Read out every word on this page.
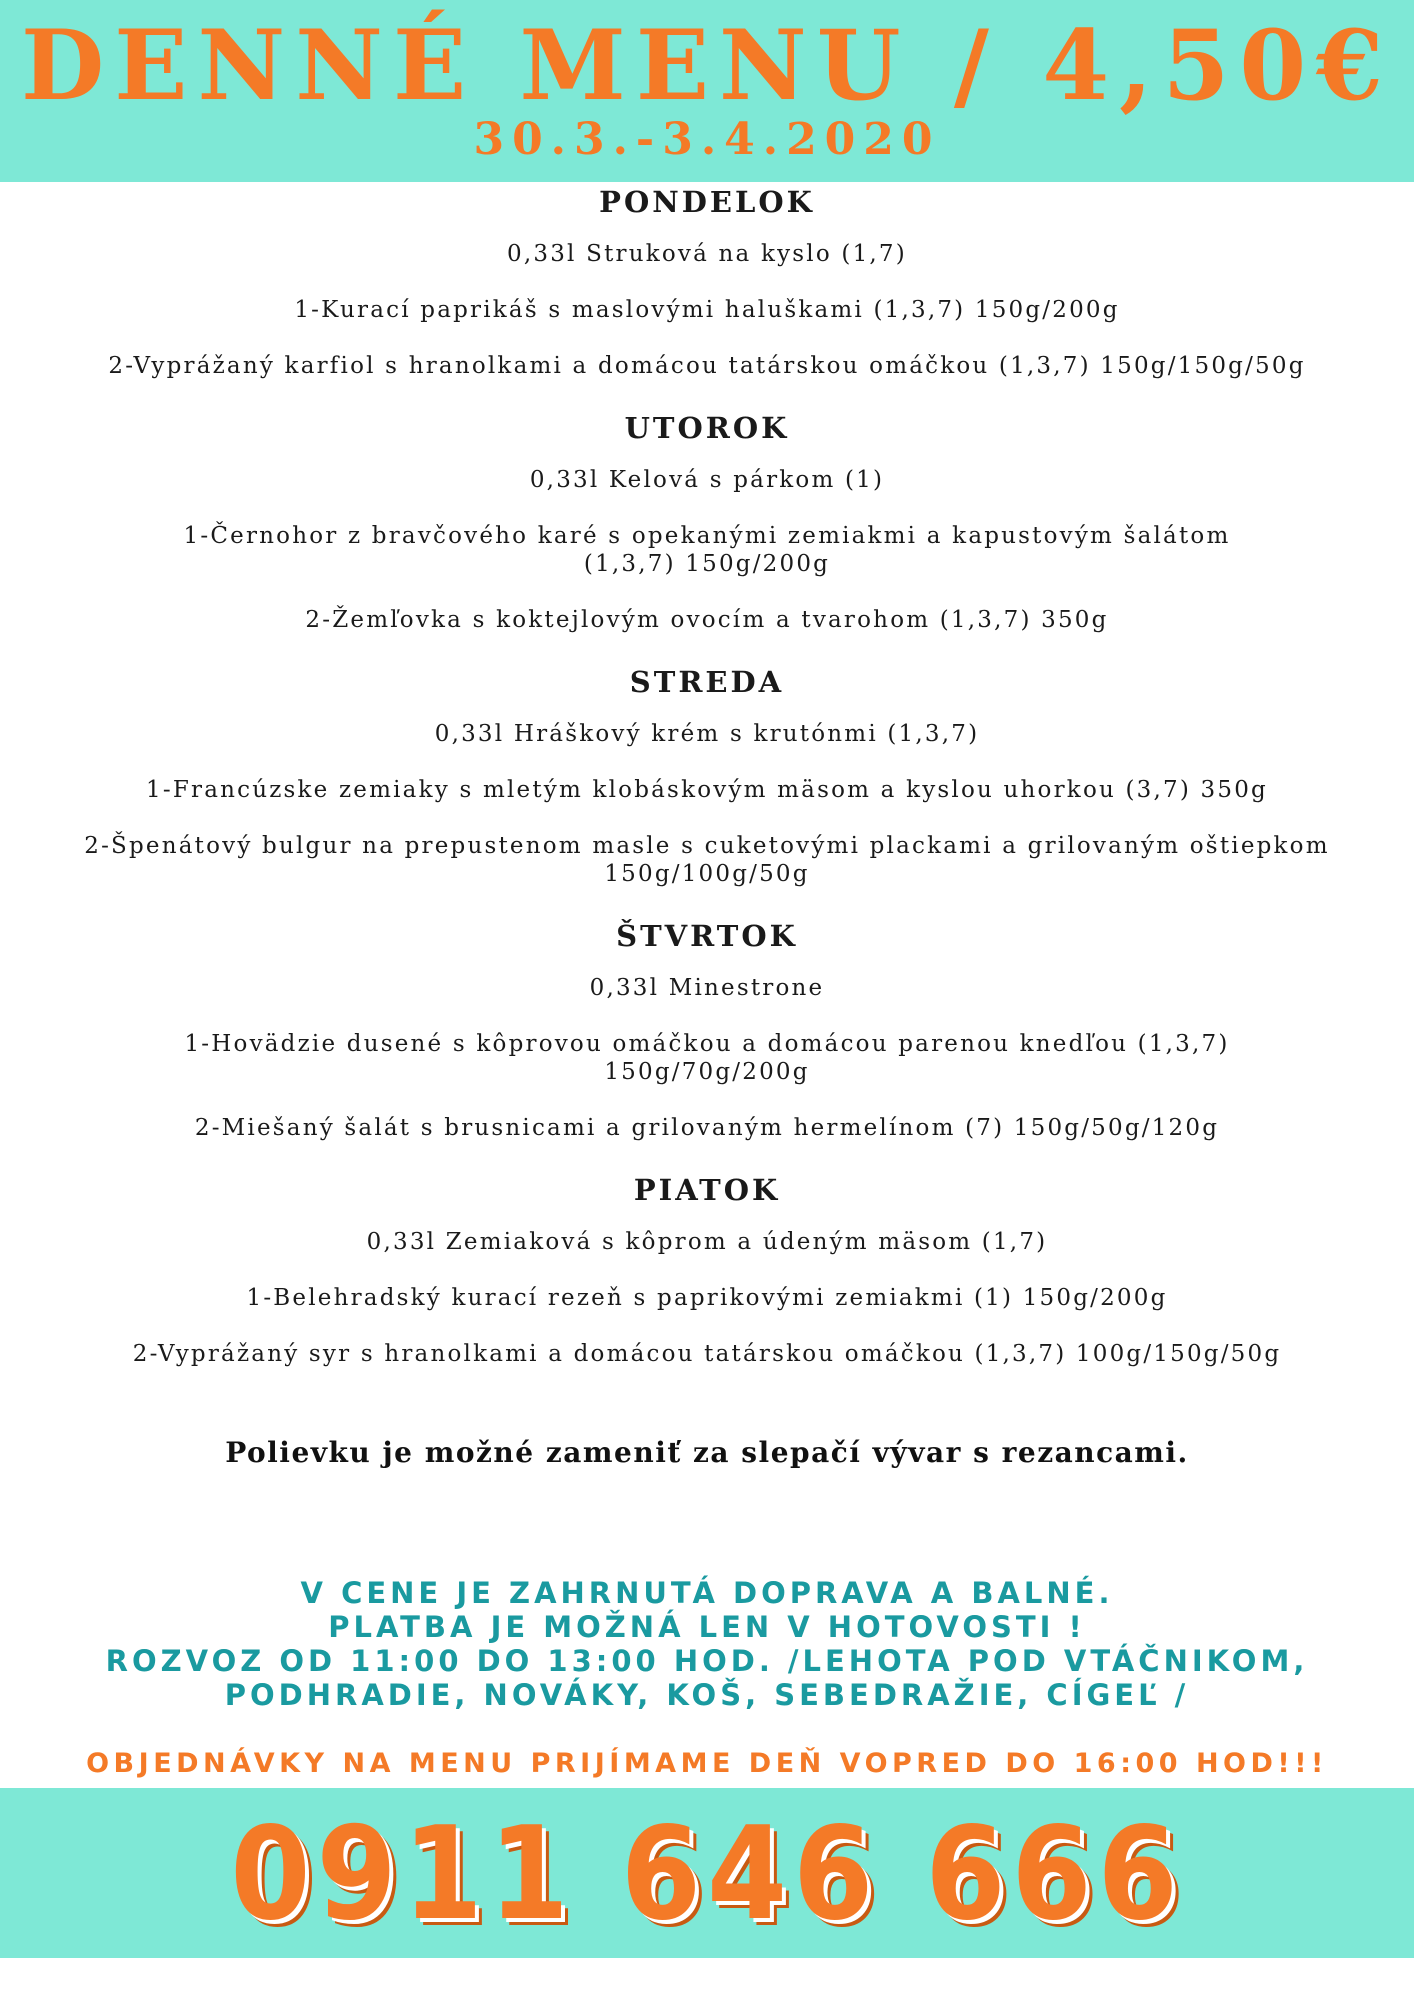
DENNÉ MENU / 4,50€
30.3.-3.4.2020
PONDELOK
0,33l Struková na kyslo (1,7)
1-Kurací paprikáš s maslovými haluškami (1,3,7) 150g/200g
2-Vyprážaný karfiol s hranolkami a domácou tatárskou omáčkou (1,3,7) 150g/150g/50g
UTOROK
0,33l Kelová s párkom (1)
1-Černohor z bravčového karé s opekanými zemiakmi a kapustovým šalátom (1,3,7) 150g/200g
2-Žemľovka s koktejlovým ovocím a tvarohom (1,3,7) 350g
STREDA
0,33l Hráškový krém s krutónmi (1,3,7)
1-Francúzske zemiaky s mletým klobáskovým mäsom a kyslou uhorkou (3,7) 350g
2-Špenátový bulgur na prepustenom masle s cuketovými plackami a grilovaným oštiepkom 150g/100g/50g
ŠTVRTOK
0,33l Minestrone
1-Hovädzie dusené s kôprovou omáčkou a domácou parenou knedľou (1,3,7) 150g/70g/200g
2-Miešaný šalát s brusnicami a grilovaným hermelínom (7) 150g/50g/120g
PIATOK
0,33l Zemiaková s kôprom a údeným mäsom (1,7)
1-Belehradský kurací rezeň s paprikovými zemiakmi (1) 150g/200g
2-Vyprážaný syr s hranolkami a domácou tatárskou omáčkou (1,3,7) 100g/150g/50g
Polievku je možné zameniť za slepačí vývar s rezancami.
V CENE JE ZAHRNUTÁ DOPRAVA A BALNÉ.
PLATBA JE MOŽNÁ LEN V HOTOVOSTI !
ROZVOZ OD 11:00 DO 13:00 HOD. /LEHOTA POD VTÁČNIKOM,
PODHRADIE, NOVÁKY, KOŠ, SEBEDRAŽIE, CÍGEĽ /
OBJEDNÁVKY NA MENU PRIJÍMAME DEŇ VOPRED DO 16:00 HOD!!!
0911 646 666
